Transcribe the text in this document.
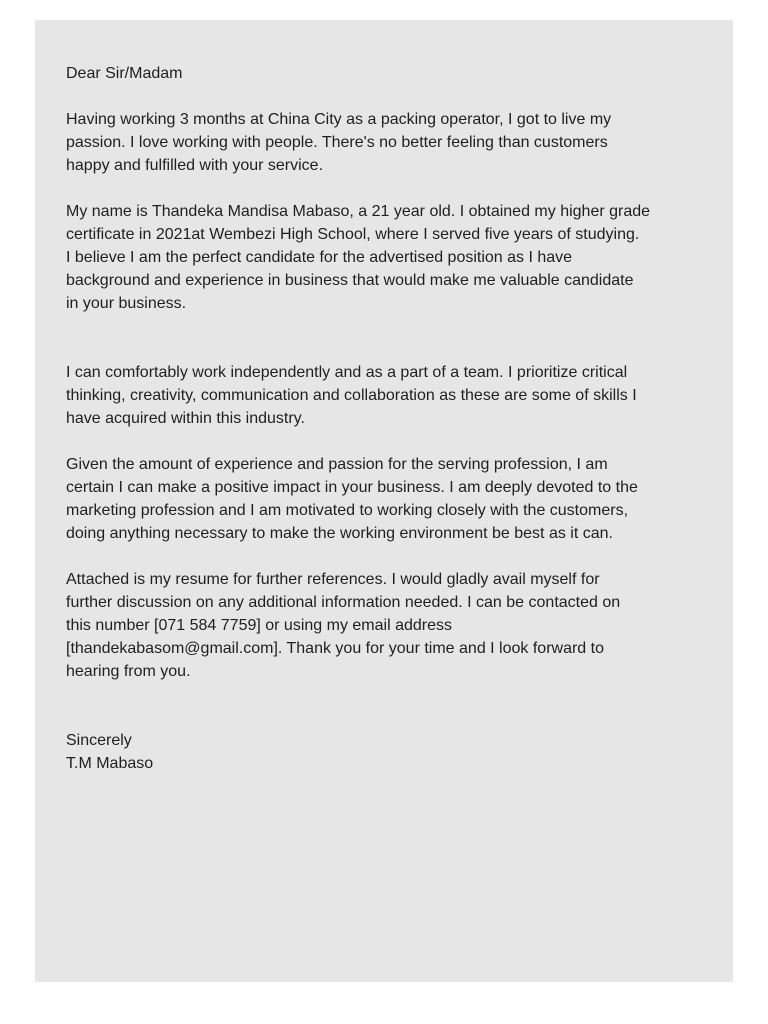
Dear Sir/Madam

Having working 3 months at China City as a packing operator, I got to live my
passion. I love working with people. There's no better feeling than customers
happy and fulfilled with your service.
My name is Thandeka Mandisa Mabaso, a 21 year old. I obtained my higher grade
certificate in 2021at Wembezi High School, where I served five years of studying.
I believe I am the perfect candidate for the advertised position as I have
background and experience in business that would make me valuable candidate
in your business.
I can comfortably work independently and as a part of a team. I prioritize critical
thinking, creativity, communication and collaboration as these are some of skills I
have acquired within this industry.
Given the amount of experience and passion for the serving profession, I am
certain I can make a positive impact in your business. I am deeply devoted to the
marketing profession and I am motivated to working closely with the customers,
doing anything necessary to make the working environment be best as it can.
Attached is my resume for further references. I would gladly avail myself for
further discussion on any additional information needed. I can be contacted on
this number [071 584 7759] or using my email address
[thandekabasom@gmail.com]. Thank you for your time and I look forward to
hearing from you.
Sincerely
T.M Mabaso
